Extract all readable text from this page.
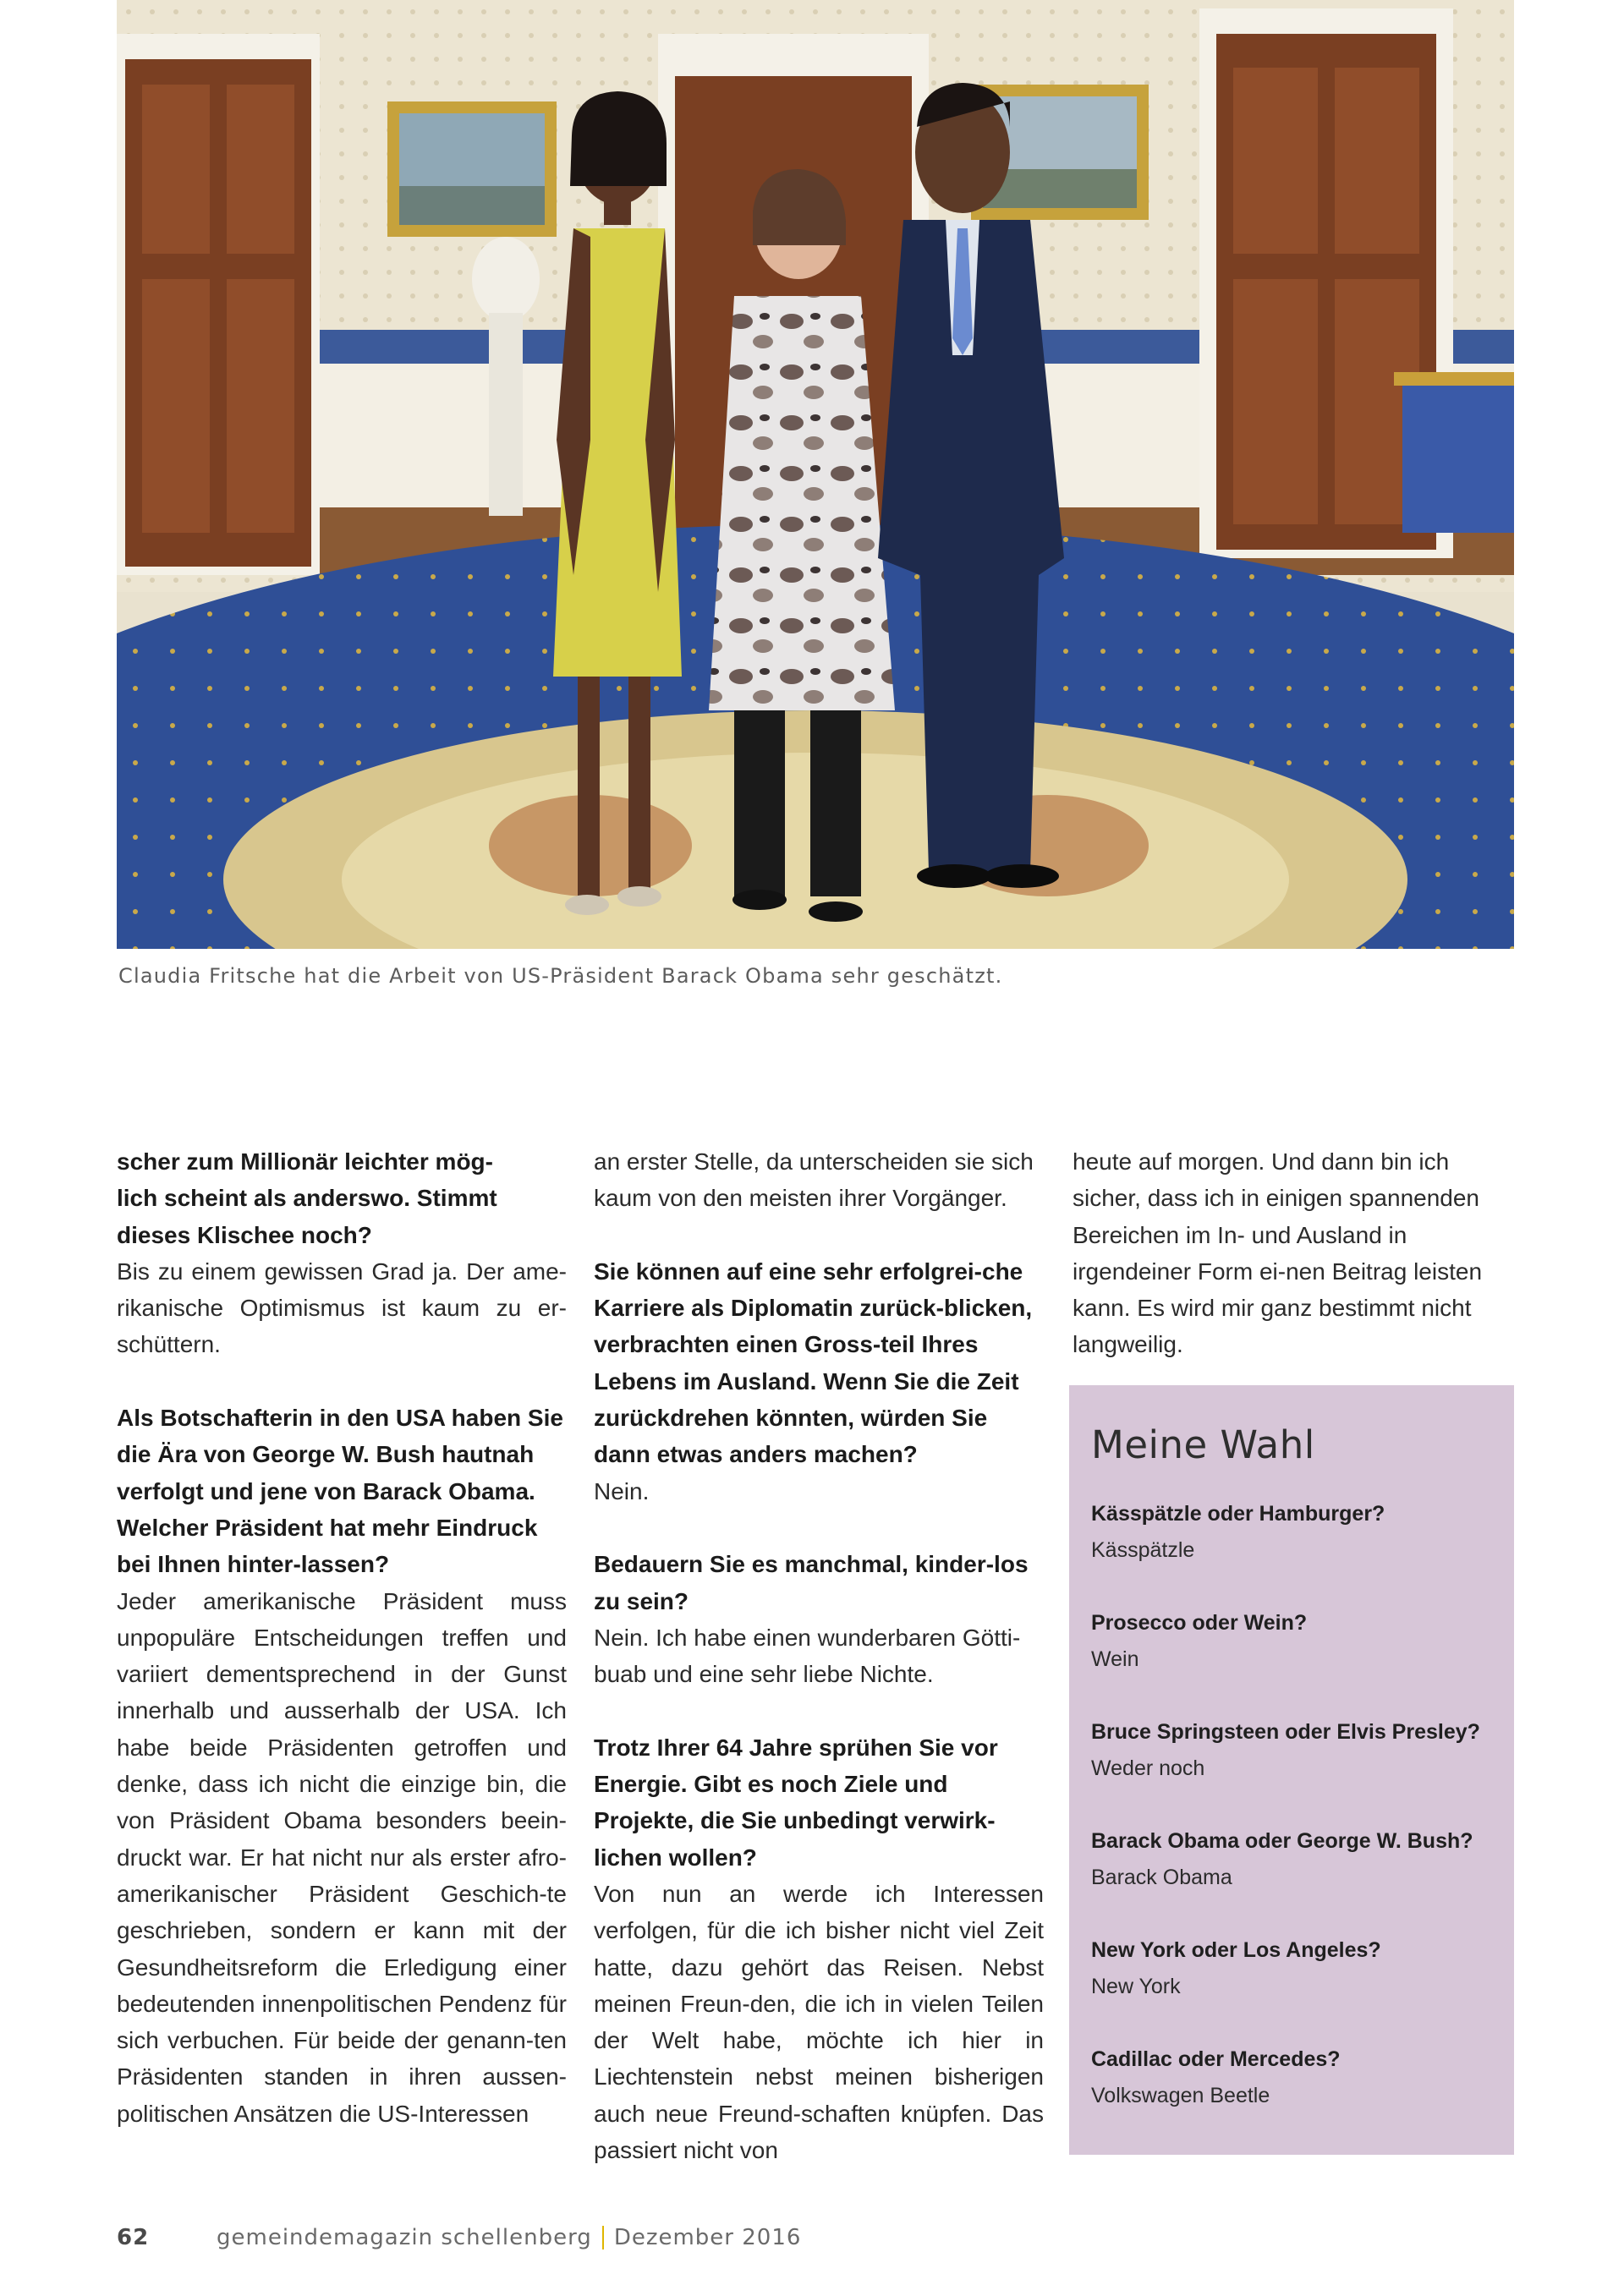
Claudia Fritsche hat die Arbeit von US-Präsident Barack Obama sehr geschätzt.

scher zum Millionär leichter mög-

lich scheint als anderswo. Stimmt

dieses Klischee noch?

Bis zu einem gewissen Grad ja. Der ame-rikanische Optimismus ist kaum zu er-schüttern.

Als Botschafterin in den USA haben Sie die Ära von George W. Bush hautnah verfolgt und jene von Barack Obama. Welcher Präsident hat mehr Eindruck bei Ihnen hinter-lassen?

Jeder amerikanische Präsident muss unpopuläre Entscheidungen treffen und variiert dementsprechend in der Gunst innerhalb und ausserhalb der USA. Ich habe beide Präsidenten getroffen und denke, dass ich nicht die einzige bin, die von Präsident Obama besonders beein-druckt war. Er hat nicht nur als erster afro-amerikanischer Präsident Geschich-te geschrieben, sondern er kann mit der Gesundheitsreform die Erledigung einer bedeutenden innenpolitischen Pendenz für sich verbuchen. Für beide der genann-ten Präsidenten standen in ihren aussen-politischen Ansätzen die US-Interessen

an erster Stelle, da unterscheiden sie sich kaum von den meisten ihrer Vorgänger.

Sie können auf eine sehr erfolgrei-che Karriere als Diplomatin zurück-blicken, verbrachten einen Gross-teil Ihres Lebens im Ausland. Wenn Sie die Zeit zurückdrehen könnten, würden Sie dann etwas anders machen?

Nein.

Bedauern Sie es manchmal, kinder-los zu sein?

Nein. Ich habe einen wunderbaren Götti-buab und eine sehr liebe Nichte.

Trotz Ihrer 64 Jahre sprühen Sie vor Energie. Gibt es noch Ziele und Projekte, die Sie unbedingt verwirk-lichen wollen?

Von nun an werde ich Interessen verfolgen, für die ich bisher nicht viel Zeit hatte, dazu gehört das Reisen. Nebst meinen Freun-den, die ich in vielen Teilen der Welt habe, möchte ich hier in Liechtenstein nebst meinen bisherigen auch neue Freund-schaften knüpfen. Das passiert nicht von

heute auf morgen. Und dann bin ich sicher, dass ich in einigen spannenden Bereichen im In- und Ausland in irgendeiner Form ei-nen Beitrag leisten kann. Es wird mir ganz bestimmt nicht langweilig.

Meine Wahl
Kässpätzle oder Hamburger?
Kässpätzle
Prosecco oder Wein?
Wein
Bruce Springsteen oder Elvis Presley?
Weder noch
Barack Obama oder George W. Bush?
Barack Obama
New York oder Los Angeles?
New York
Cadillac oder Mercedes?
Volkswagen Beetle
62	gemeindemagazin schellenberg Dezember 2016
